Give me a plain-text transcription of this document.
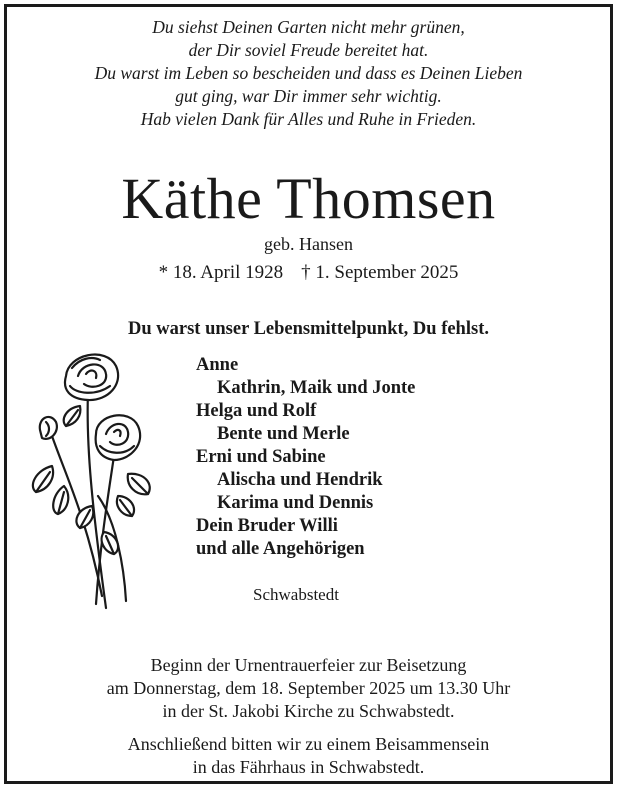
Du siehst Deinen Garten nicht mehr grünen,
der Dir soviel Freude bereitet hat.
Du warst im Leben so bescheiden und dass es Deinen Lieben
gut ging, war Dir immer sehr wichtig.
Hab vielen Dank für Alles und Ruhe in Frieden.
Käthe Thomsen
geb. Hansen
* 18. April 1928 † 1. September 2025
Du warst unser Lebensmittelpunkt, Du fehlst.
Anne
Kathrin, Maik und Jonte
Helga und Rolf
Bente und Merle
Erni und Sabine
Alischa und Hendrik
Karima und Dennis
Dein Bruder Willi
und alle Angehörigen
Schwabstedt
Beginn der Urnentrauerfeier zur Beisetzung
am Donnerstag, dem 18. September 2025 um 13.30 Uhr
in der St. Jakobi Kirche zu Schwabstedt.
Anschließend bitten wir zu einem Beisammensein
in das Fährhaus in Schwabstedt.
